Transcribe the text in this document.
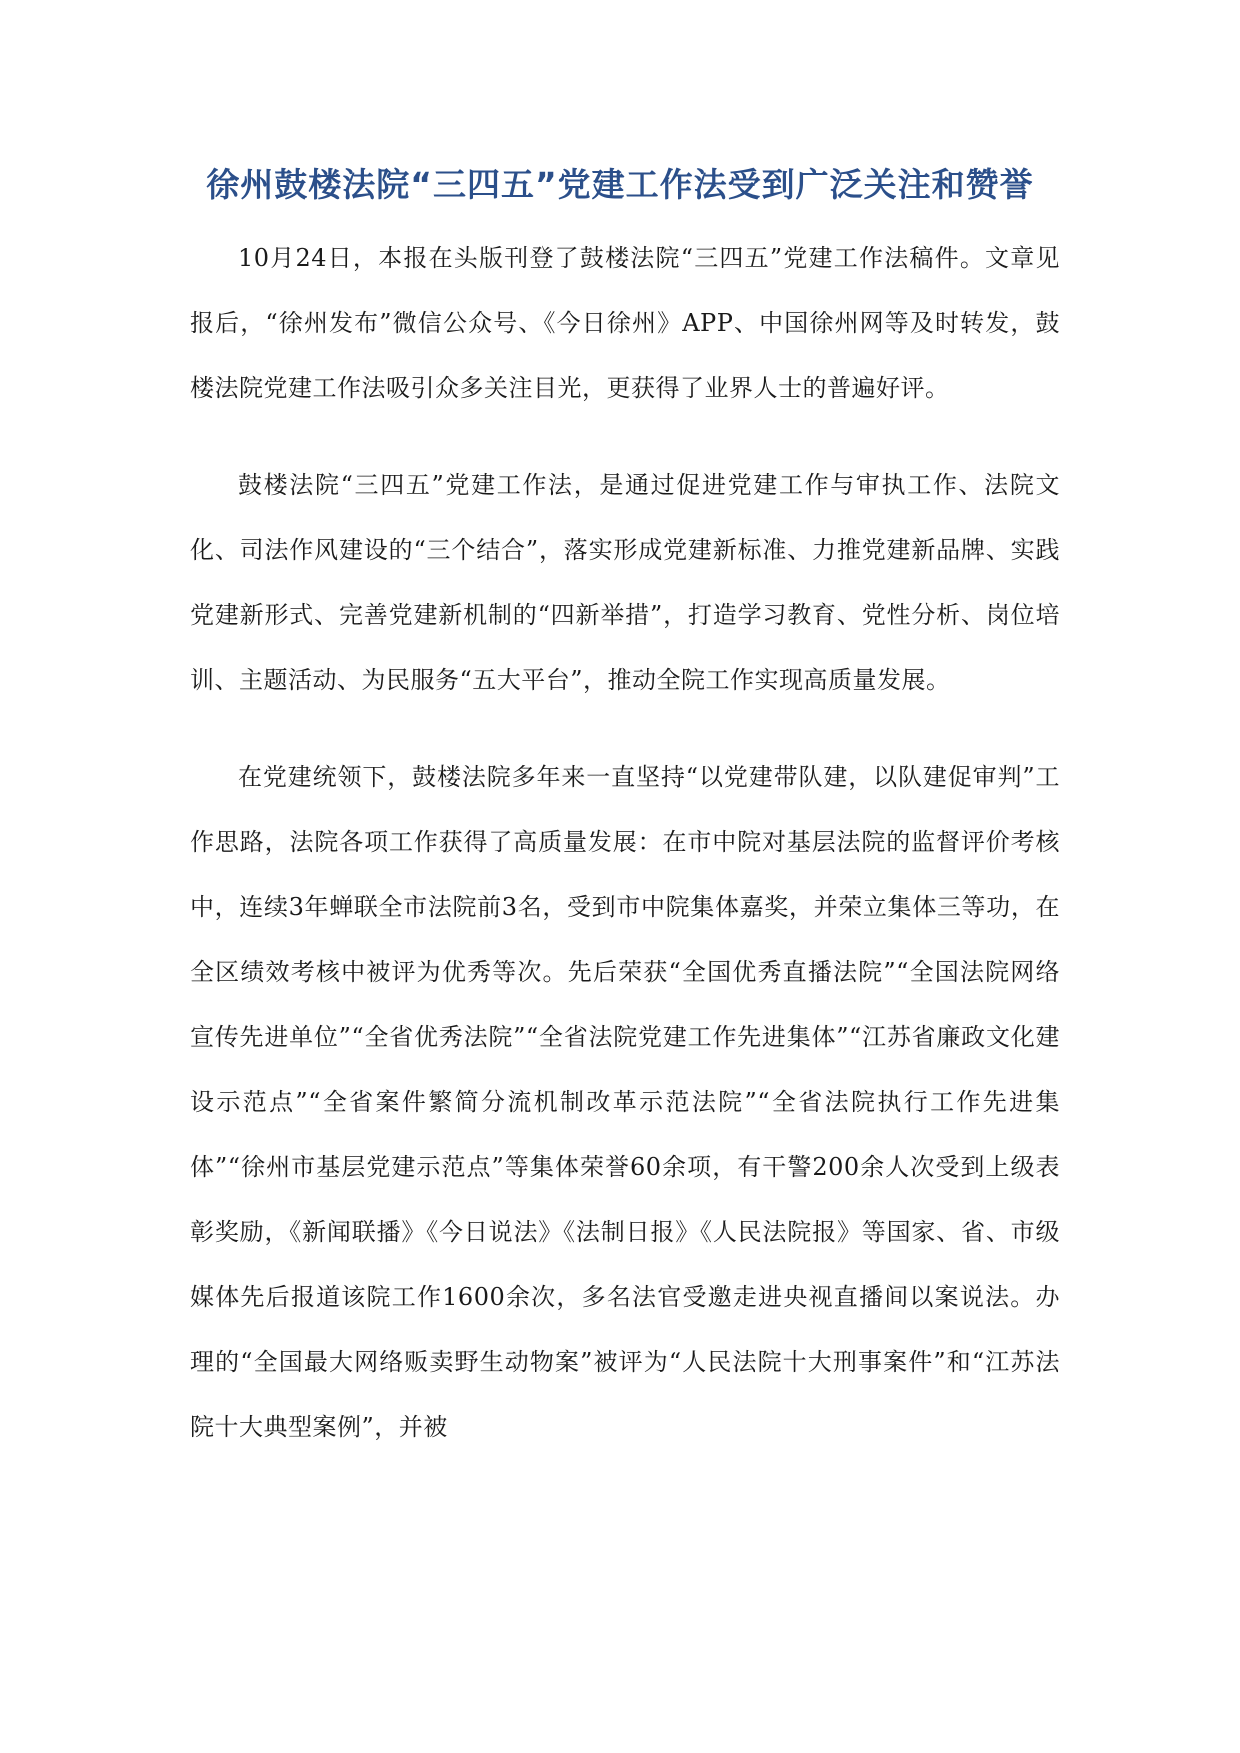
徐州鼓楼法院“三四五”党建工作法受到广泛关注和赞誉

10月24日，本报在头版刊登了鼓楼法院“三四五”党建工作法稿件。文章见报后，“徐州发布”微信公众号、《今日徐州》APP、中国徐州网等及时转发，鼓楼法院党建工作法吸引众多关注目光，更获得了业界人士的普遍好评。

鼓楼法院“三四五”党建工作法，是通过促进党建工作与审执工作、法院文化、司法作风建设的“三个结合”，落实形成党建新标准、力推党建新品牌、实践党建新形式、完善党建新机制的“四新举措”，打造学习教育、党性分析、岗位培训、主题活动、为民服务“五大平台”，推动全院工作实现高质量发展。

在党建统领下，鼓楼法院多年来一直坚持“以党建带队建，以队建促审判”工作思路，法院各项工作获得了高质量发展：在市中院对基层法院的监督评价考核中，连续3年蝉联全市法院前3名，受到市中院集体嘉奖，并荣立集体三等功，在全区绩效考核中被评为优秀等次。先后荣获“全国优秀直播法院”“全国法院网络宣传先进单位”“全省优秀法院”“全省法院党建工作先进集体”“江苏省廉政文化建设示范点”“全省案件繁简分流机制改革示范法院”“全省法院执行工作先进集体”“徐州市基层党建示范点”等集体荣誉60余项，有干警200余人次受到上级表彰奖励，《新闻联播》《今日说法》《法制日报》《人民法院报》等国家、省、市级媒体先后报道该院工作1600余次，多名法官受邀走进央视直播间以案说法。办理的“全国最大网络贩卖野生动物案”被评为“人民法院十大刑事案件”和“江苏法院十大典型案例”，并被
